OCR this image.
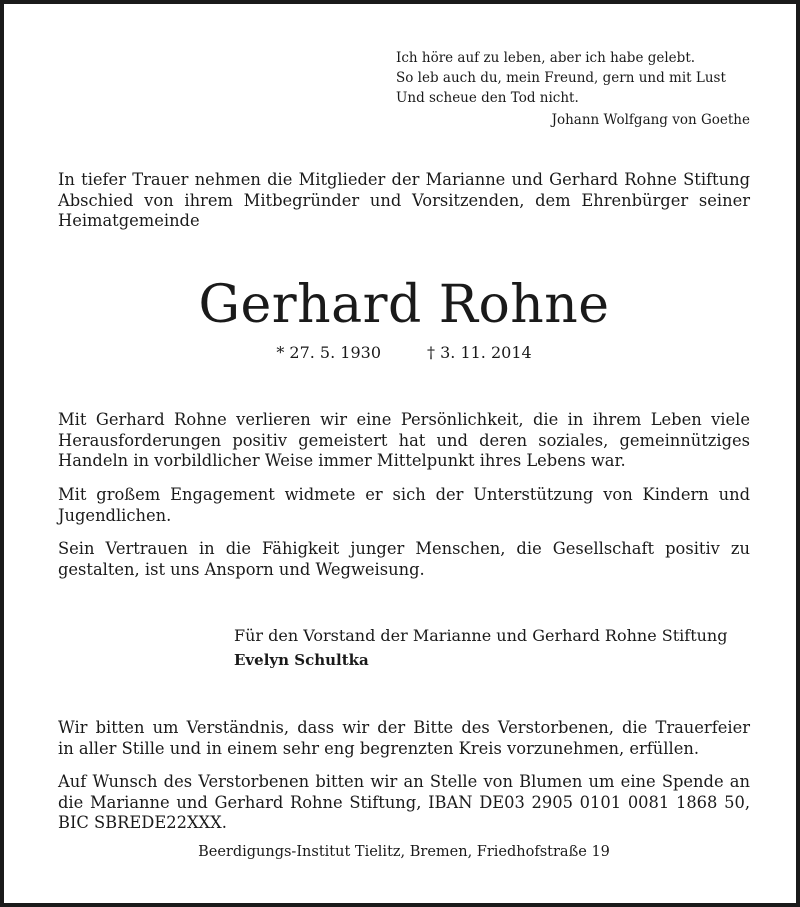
Ich höre auf zu leben, aber ich habe gelebt.
So leb auch du, mein Freund, gern und mit Lust
Und scheue den Tod nicht.
Johann Wolfgang von Goethe
In tiefer Trauer nehmen die Mitglieder der Marianne und Gerhard Rohne Stiftung
Abschied von ihrem Mitbegründer und Vorsitzenden, dem Ehrenbürger seiner
Heimatgemeinde
Gerhard Rohne
* 27. 5. 1930	† 3. 11. 2014
Mit Gerhard Rohne verlieren wir eine Persönlichkeit, die in ihrem Leben viele
Herausforderungen positiv gemeistert hat und deren soziales, gemeinnütziges
Handeln in vorbildlicher Weise immer Mittelpunkt ihres Lebens war.
Mit großem Engagement widmete er sich der Unterstützung von Kindern und
Jugendlichen.
Sein Vertrauen in die Fähigkeit junger Menschen, die Gesellschaft positiv zu
gestalten, ist uns Ansporn und Wegweisung.
Für den Vorstand der Marianne und Gerhard Rohne Stiftung
Evelyn Schultka
Wir bitten um Verständnis, dass wir der Bitte des Verstorbenen, die Trauerfeier
in aller Stille und in einem sehr eng begrenzten Kreis vorzunehmen, erfüllen.
Auf Wunsch des Verstorbenen bitten wir an Stelle von Blumen um eine Spende an
die Marianne und Gerhard Rohne Stiftung, IBAN DE03 2905 0101 0081 1868 50,
BIC SBREDE22XXX.
Beerdigungs-Institut Tielitz, Bremen, Friedhofstraße 19
